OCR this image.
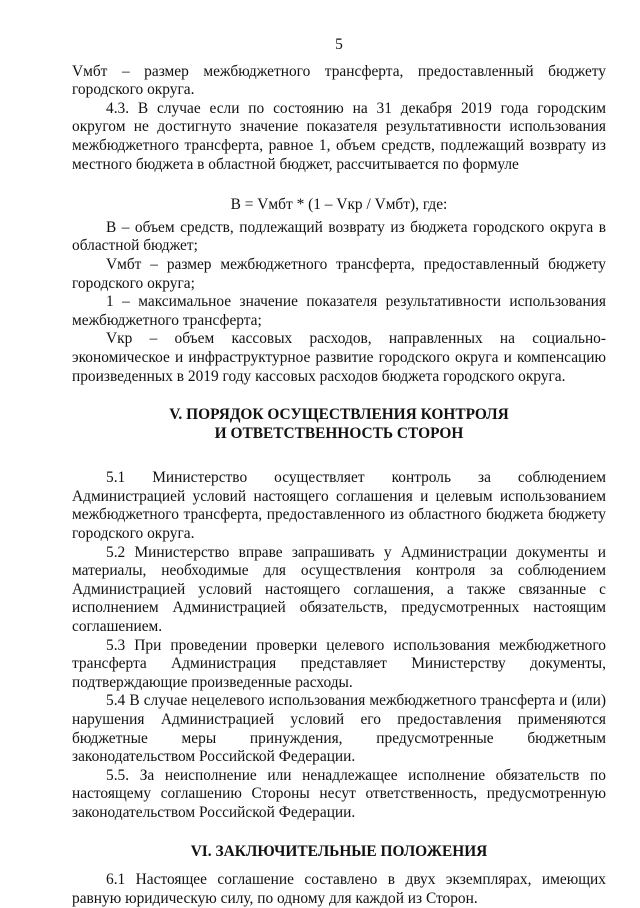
5

Vмбт – размер межбюджетного трансферта, предоставленный бюджету городского округа.

4.3. В случае если по состоянию на 31 декабря 2019 года городским округом не достигнуто значение показателя результативности использования межбюджетного трансферта, равное 1, объем средств, подлежащий возврату из местного бюджета в областной бюджет, рассчитывается по формуле

В = Vмбт * (1 – Vкр / Vмбт), где:

В – объем средств, подлежащий возврату из бюджета городского округа в областной бюджет;

Vмбт – размер межбюджетного трансферта, предоставленный бюджету городского округа;

1 – максимальное значение показателя результативности использования межбюджетного трансферта;

Vкр – объем кассовых расходов, направленных на социально-экономическое и инфраструктурное развитие городского округа и компенсацию произведенных в 2019 году кассовых расходов бюджета городского округа.

V. ПОРЯДОК ОСУЩЕСТВЛЕНИЯ КОНТРОЛЯ
И ОТВЕТСТВЕННОСТЬ СТОРОН

5.1 Министерство осуществляет контроль за соблюдением Администрацией условий настоящего соглашения и целевым использованием межбюджетного трансферта, предоставленного из областного бюджета бюджету городского округа.

5.2 Министерство вправе запрашивать у Администрации документы и материалы, необходимые для осуществления контроля за соблюдением Администрацией условий настоящего соглашения, а также связанные с исполнением Администрацией обязательств, предусмотренных настоящим соглашением.

5.3 При проведении проверки целевого использования межбюджетного трансферта Администрация представляет Министерству документы, подтверждающие произведенные расходы.

5.4 В случае нецелевого использования межбюджетного трансферта и (или) нарушения Администрацией условий его предоставления применяются бюджетные меры принуждения, предусмотренные бюджетным законодательством Российской Федерации.

5.5. За неисполнение или ненадлежащее исполнение обязательств по настоящему соглашению Стороны несут ответственность, предусмотренную законодательством Российской Федерации.

VI. ЗАКЛЮЧИТЕЛЬНЫЕ ПОЛОЖЕНИЯ

6.1 Настоящее соглашение составлено в двух экземплярах, имеющих равную юридическую силу, по одному для каждой из Сторон.
